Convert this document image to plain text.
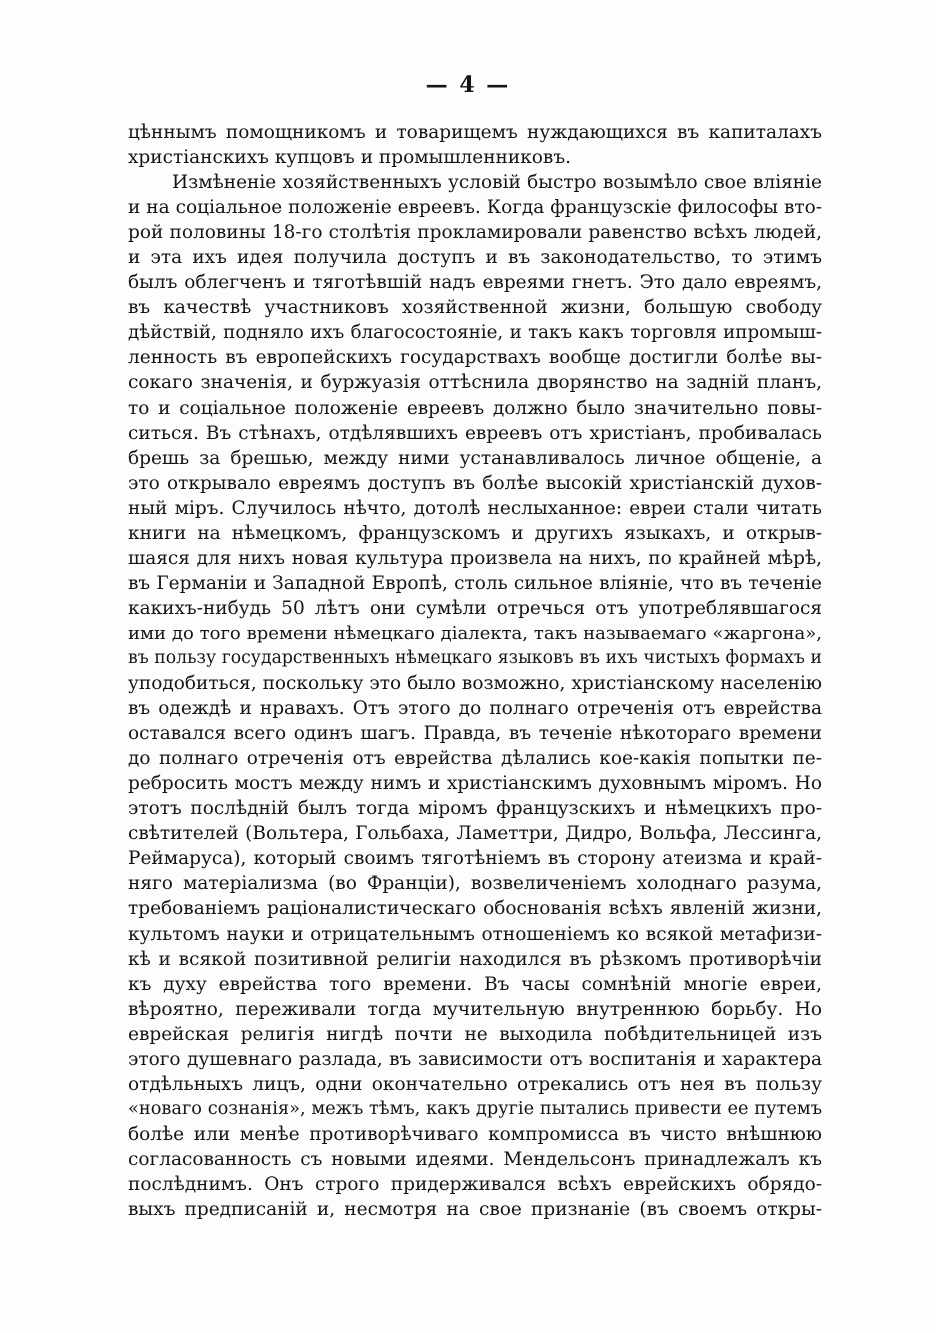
— 4 —
цѣннымъ помощникомъ и товарищемъ нуждающихся въ капиталахъ
христіанскихъ купцовъ и промышленниковъ.
Измѣненіе хозяйственныхъ условій быстро возымѣло свое вліяніе
и на соціальное положеніе евреевъ. Когда французскіе философы вто-
рой половины 18-го столѣтія прокламировали равенство всѣхъ людей,
и эта ихъ идея получила доступъ и въ законодательство, то этимъ
былъ облегченъ и тяготѣвшій надъ евреями гнетъ. Это дало евреямъ,
въ качествѣ участниковъ хозяйственной жизни, большую свободу
дѣйствій, подняло ихъ благосостояніе, и такъ какъ торговля ипромыш-
ленность въ европейскихъ государствахъ вообще достигли болѣе вы-
сокаго значенія, и буржуазія оттѣснила дворянство на задній планъ,
то и соціальное положеніе евреевъ должно было значительно повы-
ситься. Въ стѣнахъ, отдѣлявшихъ евреевъ отъ христіанъ, пробивалась
брешь за брешью, между ними устанавливалось личное общеніе, а
это открывало евреямъ доступъ въ болѣе высокій христіанскій духов-
ный міръ. Случилось нѣчто, дотолѣ неслыханное: евреи стали читать
книги на нѣмецкомъ, французскомъ и другихъ языкахъ, и открыв-
шаяся для нихъ новая культура произвела на нихъ, по крайней мѣрѣ,
въ Германіи и Западной Европѣ, столь сильное вліяніе, что въ теченіе
какихъ-нибудь 50 лѣтъ они сумѣли отречься отъ употреблявшагося
ими до того времени нѣмецкаго діалекта, такъ называемаго «жаргона»,
въ пользу государственныхъ нѣмецкаго языковъ въ ихъ чистыхъ формахъ и
уподобиться, поскольку это было возможно, христіанскому населенію
въ одеждѣ и нравахъ. Отъ этого до полнаго отреченія отъ еврейства
оставался всего одинъ шагъ. Правда, въ теченіе нѣкотораго времени
до полнаго отреченія отъ еврейства дѣлались кое-какія попытки пе-
ребросить мостъ между нимъ и христіанскимъ духовнымъ міромъ. Но
этотъ послѣдній былъ тогда міромъ французскихъ и нѣмецкихъ про-
свѣтителей (Вольтера, Гольбаха, Ламеттри, Дидро, Вольфа, Лессинга,
Реймаруса), который своимъ тяготѣніемъ въ сторону атеизма и край-
няго матеріализма (во Франціи), возвеличеніемъ холоднаго разума,
требованіемъ раціоналистическаго обоснованія всѣхъ явленій жизни,
культомъ науки и отрицательнымъ отношеніемъ ко всякой метафизи-
кѣ и всякой позитивной религіи находился въ рѣзкомъ противорѣчіи
къ духу еврейства того времени. Въ часы сомнѣній многіе евреи,
вѣроятно, переживали тогда мучительную внутреннюю борьбу. Но
еврейская религія нигдѣ почти не выходила побѣдительницей изъ
этого душевнаго разлада, въ зависимости отъ воспитанія и характера
отдѣльныхъ лицъ, одни окончательно отрекались отъ нея въ пользу
«новаго сознанія», межъ тѣмъ, какъ другіе пытались привести ее путемъ
болѣе или менѣе противорѣчиваго компромисса въ чисто внѣшнюю
согласованность съ новыми идеями. Мендельсонъ принадлежалъ къ
послѣднимъ. Онъ строго придерживался всѣхъ еврейскихъ обрядо-
выхъ предписаній и, несмотря на свое признаніе (въ своемъ откры-
